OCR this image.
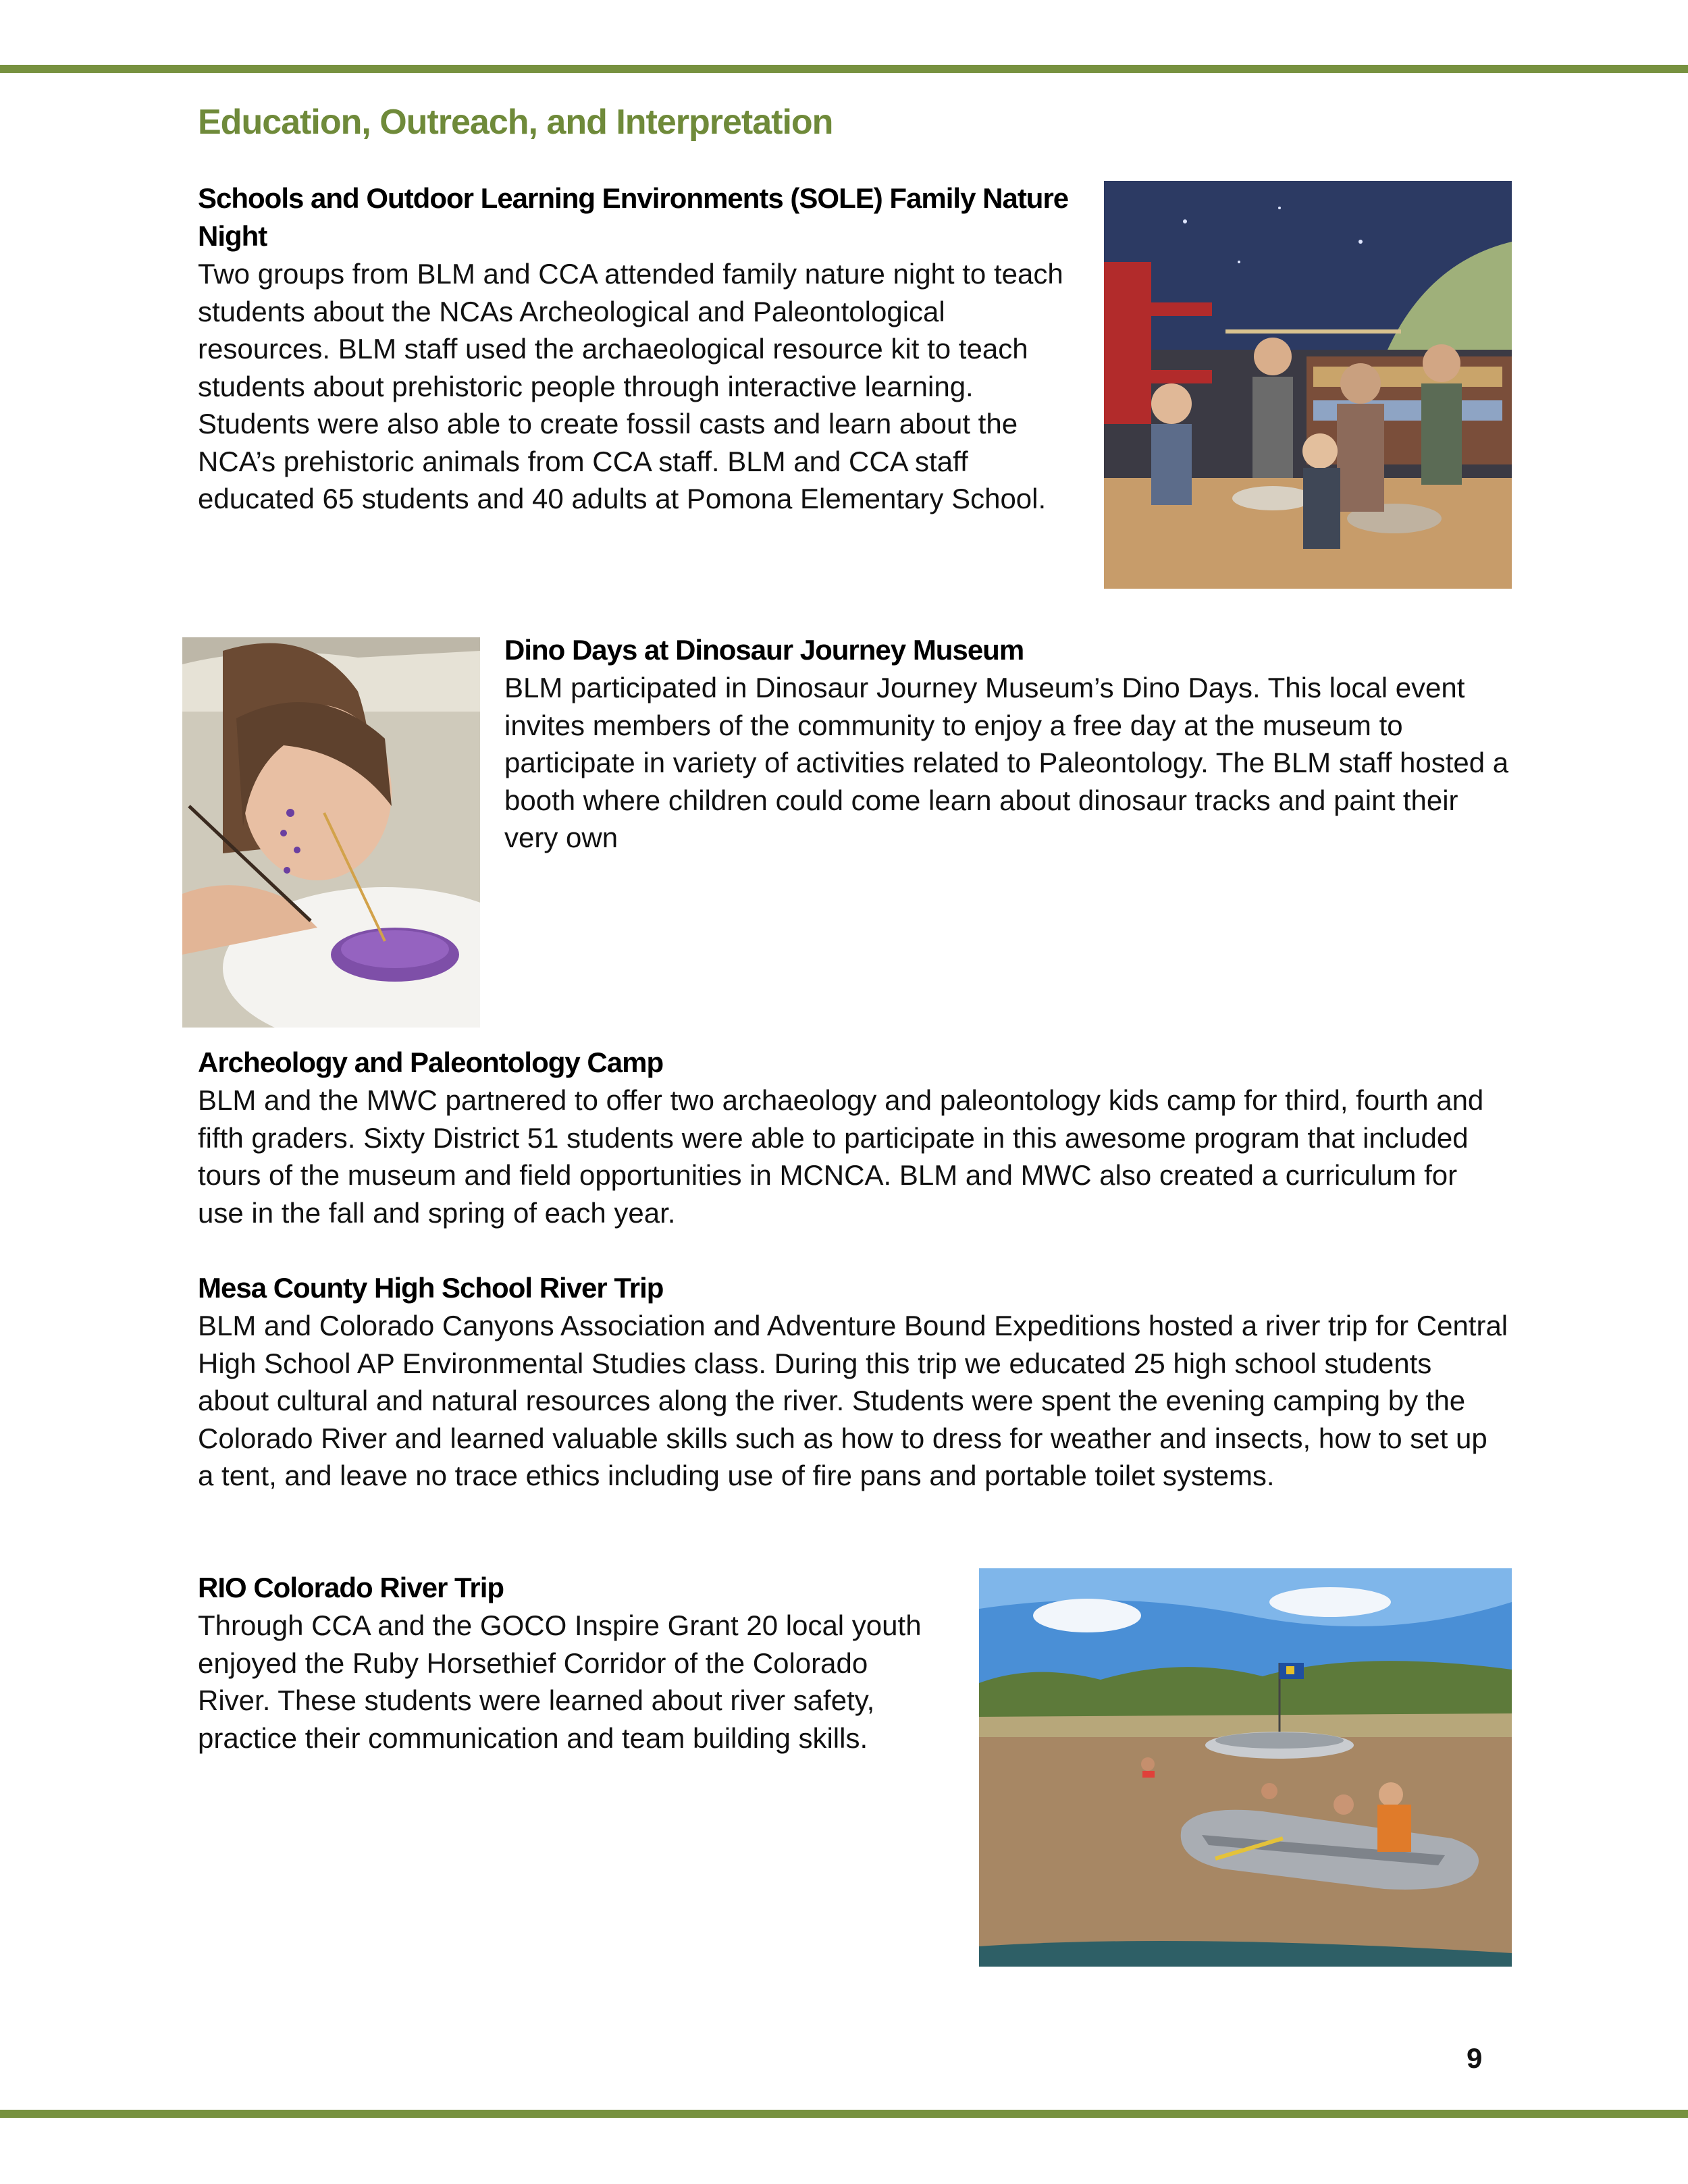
Education, Outreach, and Interpretation
Schools and Outdoor Learning Environments (SOLE) Family Nature Night

Two groups from BLM and CCA attended family nature night to teach students about the NCAs Archeological and Paleontological resources. BLM staff used the archaeological resource kit to teach students about prehistoric people through interactive learning. Students were also able to create fossil casts and learn about the NCA’s prehistoric animals from CCA staff. BLM and CCA staff educated 65 students and 40 adults at Pomona Elementary School.

Dino Days at Dinosaur Journey Museum

BLM participated in Dinosaur Journey Museum’s Dino Days. This local event invites members of the community to enjoy a free day at the museum to participate in variety of activities related to Paleontology. The BLM staff hosted a booth where children could come learn about dinosaur tracks and paint their very own

Archeology and Paleontology Camp

BLM and the MWC partnered to offer two archaeology and paleontology kids camp for third, fourth and fifth graders. Sixty District 51 students were able to participate in this awesome program that included tours of the museum and field opportunities in MCNCA. BLM and MWC also created a curriculum for use in the fall and spring of each year.

Mesa County High School River Trip

BLM and Colorado Canyons Association and Adventure Bound Expeditions hosted a river trip for Central High School AP Environmental Studies class. During this trip we educated 25 high school students about cultural and natural resources along the river. Students were spent the evening camping by the Colorado River and learned valuable skills such as how to dress for weather and insects, how to set up a tent, and leave no trace ethics including use of fire pans and portable toilet systems.

RIO Colorado River Trip

Through CCA and the GOCO Inspire Grant 20 local youth enjoyed the Ruby Horsethief Corridor of the Colorado River. These students were learned about river safety, practice their communication and team building skills.

9
